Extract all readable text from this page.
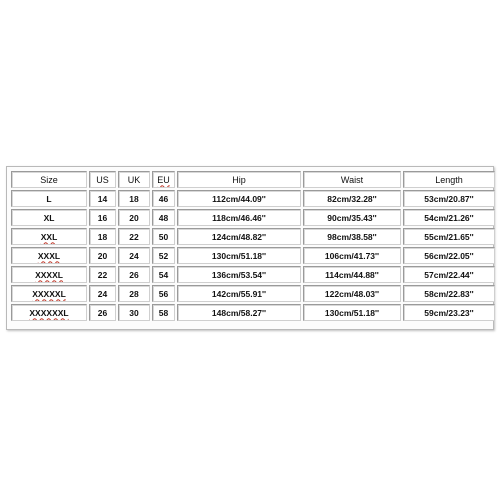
Size	US	UK	EU	Hip	Waist	Length
L	14	18	46	112cm/44.09''	82cm/32.28''	53cm/20.87''
XL	16	20	48	118cm/46.46''	90cm/35.43''	54cm/21.26''
XXL	18	22	50	124cm/48.82''	98cm/38.58''	55cm/21.65''
XXXL	20	24	52	130cm/51.18''	106cm/41.73''	56cm/22.05''
XXXXL	22	26	54	136cm/53.54''	114cm/44.88''	57cm/22.44''
XXXXXL	24	28	56	142cm/55.91''	122cm/48.03''	58cm/22.83''
XXXXXXL	26	30	58	148cm/58.27''	130cm/51.18''	59cm/23.23''
